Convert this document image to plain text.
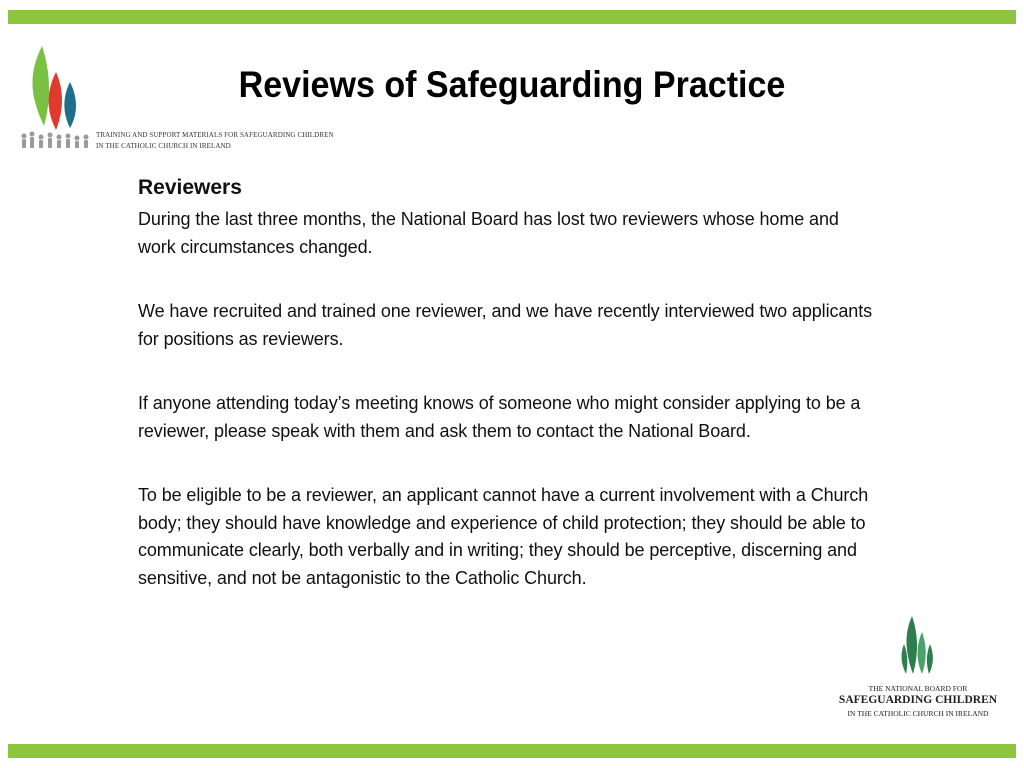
TRAINING AND SUPPORT MATERIALS FOR SAFEGUARDING CHILDREN
IN THE CATHOLIC CHURCH IN IRELAND
Reviews of Safeguarding Practice
Reviewers

During the last three months, the National Board has lost two reviewers whose home and work circumstances changed.

We have recruited and trained one reviewer, and we have recently interviewed two applicants for positions as reviewers.

If anyone attending today’s meeting knows of someone who might consider applying to be a reviewer, please speak with them and ask them to contact the National Board.

To be eligible to be a reviewer, an applicant cannot have a current involvement with a Church body; they should have knowledge and experience of child protection; they should be able to communicate clearly, both verbally and in writing; they should be perceptive, discerning and sensitive, and not be antagonistic to the Catholic Church.

THE NATIONAL BOARD FOR
SAFEGUARDING CHILDREN
IN THE CATHOLIC CHURCH IN IRELAND
